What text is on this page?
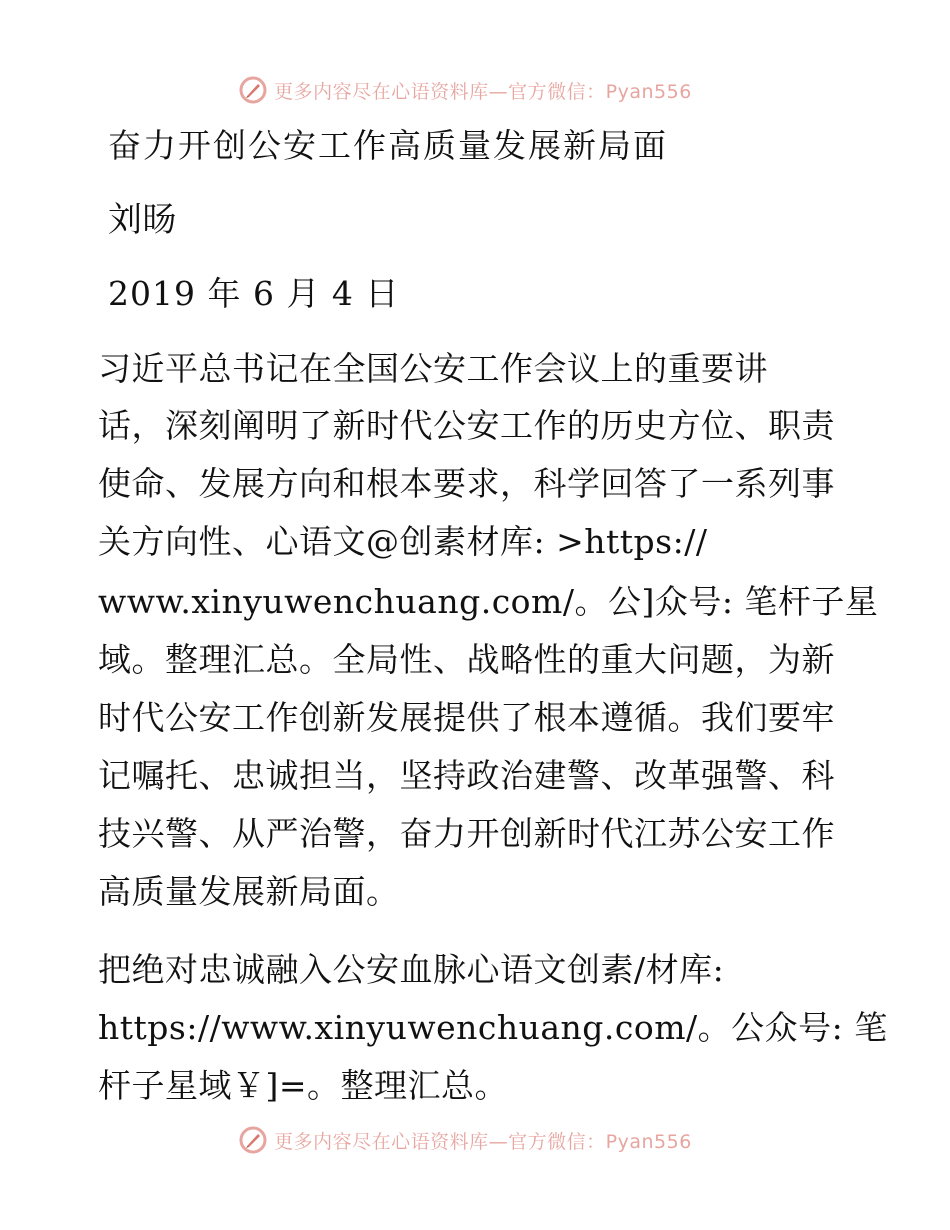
更多内容尽在心语资料库—官方微信：Pyan556
奋力开创公安工作高质量发展新局面
刘旸
2019 年 6 月 4 日
习近平总书记在全国公安工作会议上的重要讲
话，深刻阐明了新时代公安工作的历史方位、职责
使命、发展方向和根本要求，科学回答了一系列事
关方向性、心语文@创素材库: >https://
www.xinyuwenchuang.com/。公]众号: 笔杆子星
域。整理汇总。全局性、战略性的重大问题，为新
时代公安工作创新发展提供了根本遵循。我们要牢
记嘱托、忠诚担当，坚持政治建警、改革强警、科
技兴警、从严治警，奋力开创新时代江苏公安工作
高质量发展新局面。
把绝对忠诚融入公安血脉心语文创素/材库:
https://www.xinyuwenchuang.com/。公众号: 笔
杆子星域￥]=。整理汇总。
更多内容尽在心语资料库—官方微信：Pyan556
